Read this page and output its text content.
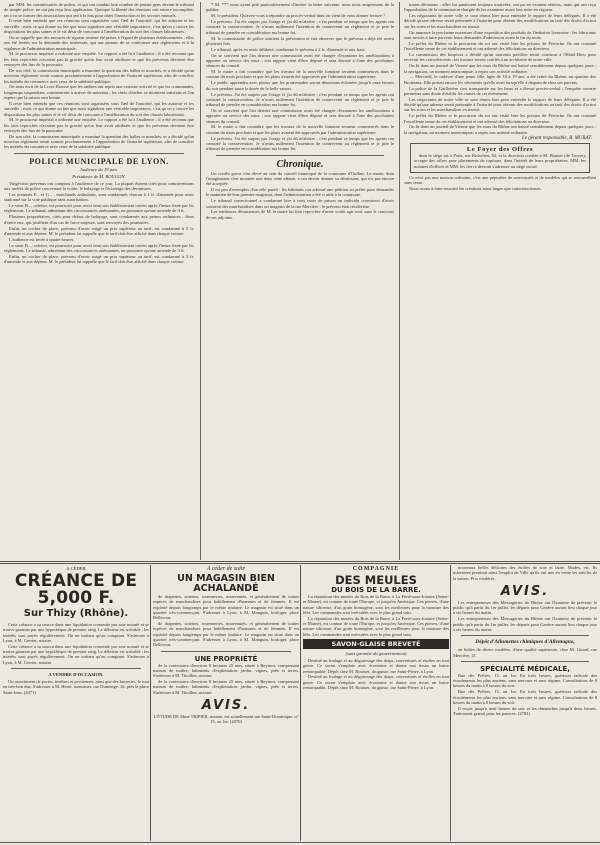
par MM. les commissaires de police, et qui ont conduit bon nombre de jeunes gens devant le tribunal de simple police, ne ont pas reçu leur application. Quoique la liberté des réunions soit encore incomplète, on a vu se former des associations qui ont à la fois pour objet l'instruction et les secours mutuels.

Il reste bien entendu que ces réunions sont organisées sous l'œil de l'autorité, qui les autorise et les surveille ; mais ce qui donne au fait que nous signalons une véritable importance, c'est qu'on y trouve les dispositions les plus saines et le vif désir de concourir à l'amélioration du sort des classes laborieuses.

On se rappelle que des mesures de rigueur avaient été prises à l'égard de plusieurs établissements ; elles ont été levées sur la demande des intéressés, qui ont promis de se conformer aux règlements et à la vigilance de l'administration municipale.

M. le procureur impérial a ordonné une enquête. Le rapport a été lu à l'audience ; il a été reconnu que les faits reprochés n'avaient pas la gravité qu'on leur avait attribuée et que les prévenus devaient être renvoyés des fins de la poursuite.

De son côté, la commission municipale a examiné la question des halles et marchés, et a décidé qu'un nouveau règlement serait soumis prochainement à l'approbation de l'autorité supérieure, afin de concilier les intérêts du commerce avec ceux de la salubrité publique.

On nous écrit de la Croix-Rousse que les ateliers ont repris une certaine activité et que les commandes, longtemps suspendues, commencent à arriver de nouveau ; les chefs d'atelier se montrent satisfaits et l'on espère que la saison sera bonne.

Il reste bien entendu que ces réunions sont organisées sous l'œil de l'autorité, qui les autorise et les surveille ; mais ce qui donne au fait que nous signalons une véritable importance, c'est qu'on y trouve les dispositions les plus saines et le vif désir de concourir à l'amélioration du sort des classes laborieuses.

M. le procureur impérial a ordonné une enquête. Le rapport a été lu à l'audience ; il a été reconnu que les faits reprochés n'avaient pas la gravité qu'on leur avait attribuée et que les prévenus devaient être renvoyés des fins de la poursuite.

De son côté, la commission municipale a examiné la question des halles et marchés, et a décidé qu'un nouveau règlement serait soumis prochainement à l'approbation de l'autorité supérieure, afin de concilier les intérêts du commerce avec ceux de la salubrité publique.

POLICE MUNICIPALE DE LYON.
Audience du 19 juin.
Présidence de M. ROUGON.

Vingt-trois prévenus ont comparu à l'audience de ce jour. La plupart étaient cités pour contraventions aux arrêtés de police concernant la voirie, le balayage et l'éclairage des devantures.

Les nommés P... et G... , marchands ambulants, sont condamnés chacun à 1 fr. d'amende pour avoir stationné sur la voie publique sans autorisation.

Le sieur B..., cafetier, est poursuivi pour avoir tenu son établissement ouvert après l'heure fixée par les règlements. Le tribunal, admettant des circonstances atténuantes, ne prononce qu'une amende de 3 fr.

Plusieurs propriétaires, cités pour défaut de balayage, sont condamnés aux peines ordinaires ; deux d'entre eux, qui justifient d'un cas de force majeure, sont renvoyés des poursuites.

Enfin, un cocher de place, prévenu d'avoir exigé un prix supérieur au tarif, est condamné à 5 fr. d'amende et aux dépens. M. le président lui rappelle que le tarif doit être affiché dans chaque voiture.

L'audience est levée à quatre heures.

Le sieur B..., cafetier, est poursuivi pour avoir tenu son établissement ouvert après l'heure fixée par les règlements. Le tribunal, admettant des circonstances atténuantes, ne prononce qu'une amende de 3 fr.

Enfin, un cocher de place, prévenu d'avoir exigé un prix supérieur au tarif, est condamné à 5 fr. d'amende et aux dépens. M. le président lui rappelle que le tarif doit être affiché dans chaque voiture.

* M. *** nous ayant prié particulièrement d'insérer la lettre suivante, nous nous empressons de la publier.

M. le président. Qu'avez-vous à répondre au procès-verbal dont on vient de vous donner lecture ?

Le prévenu. J'ai été surpris par l'orage et j'ai dû m'abriter ; c'est pendant ce temps que les agents ont constaté la contravention. Je n'avais nullement l'intention de contrevenir au règlement et je prie le tribunal de prendre en considération ma bonne foi.

M. le commissaire de police soutient la prévention et fait observer que le prévenu a déjà été averti plusieurs fois.

Le tribunal, après en avoir délibéré, condamne le prévenu à 2 fr. d'amende et aux frais.

On se souvient que l'an dernier une commission avait été chargée d'examiner les améliorations à apporter au service des eaux ; son rapport vient d'être déposé et sera discuté à l'une des prochaines séances du conseil.

M. le maire a fait connaître que les travaux de la nouvelle fontaine seraient commencés dans le courant du mois prochain et que les plans avaient été approuvés par l'administration supérieure.

Le public apprendra avec plaisir que les promenades seront désormais éclairées jusqu'à onze heures du soir pendant toute la durée de la belle saison.

Le prévenu. J'ai été surpris par l'orage et j'ai dû m'abriter ; c'est pendant ce temps que les agents ont constaté la contravention. Je n'avais nullement l'intention de contrevenir au règlement et je prie le tribunal de prendre en considération ma bonne foi.

On se souvient que l'an dernier une commission avait été chargée d'examiner les améliorations à apporter au service des eaux ; son rapport vient d'être déposé et sera discuté à l'une des prochaines séances du conseil.

M. le maire a fait connaître que les travaux de la nouvelle fontaine seraient commencés dans le courant du mois prochain et que les plans avaient été approuvés par l'administration supérieure.

Le prévenu. J'ai été surpris par l'orage et j'ai dû m'abriter ; c'est pendant ce temps que les agents ont constaté la contravention. Je n'avais nullement l'intention de contrevenir au règlement et je prie le tribunal de prendre en considération ma bonne foi.

Chronique.

Un conflit grave s'est élevé au sein du conseil municipal de la commune d'Oullins. Le maire, dont l'imagination s'est montrée une dans cette affaire, a cru devoir donner sa démission, qui n'a pas encore été acceptée.

Il est peu d'exemples d'un zèle pareil : les habitants ont adressé une pétition au préfet pour demander le maintien de leur premier magistrat, dont l'administration a été si utile à la commune.

Le tribunal correctionnel a condamné hier à trois mois de prison un individu convaincu d'avoir soustrait des marchandises dans un magasin de la rue Mercière ; le prévenu était récidiviste.

Les tendances désastreuses de M. le maire lui font reprocher d'avoir voulu agir seul, sans le concours de ses adjoints.

toutes décisions ; elles lui paraissent toujours motivées, ont pu en examen sérieux, mais qui ont reçu l'approbation de la commission chargée de les examiner avant leur mise en vigueur.

Les négociants de notre ville se sont réunis hier pour entendre le rapport de leurs délégués. Il a été décidé qu'une adresse serait présentée à l'autorité pour obtenir des modifications au tarif des droits d'octroi sur les soies et les marchandises en transit.

On annonce la prochaine ouverture d'une exposition des produits de l'industrie lyonnaise ; les fabricants sont invités à faire parvenir leurs demandes d'admission avant la fin du mois.

Le préfet du Rhône et le procureur du roi ont visité hier les prisons de Perrache. Ils ont constaté l'excellente tenue de cet établissement et ont adressé des félicitations au directeur.

La commission des hospices a décidé qu'un nouveau pavillon serait construit à l'Hôtel-Dieu pour recevoir les convalescents ; les travaux seront confiés à un architecte de notre ville.

On lit dans un journal de Vienne que les eaux du Rhône ont baissé sensiblement depuis quelques jours ; la navigation, un moment interrompue, a repris son activité ordinaire.

— Mercredi, le cadavre d'une jeune fille, âgée de 18 à 19 ans, a été retiré du Rhône, au quartier des Brotteaux. Elle portait encore les vêtements qu'elle avait lorsqu'elle a disparu de chez ses parents.

La police de la Guillotière s'est transportée sur les lieux et a dressé procès-verbal ; l'enquête ouverte permettra sans doute d'établir les causes de cet événement.

Les négociants de notre ville se sont réunis hier pour entendre le rapport de leurs délégués. Il a été décidé qu'une adresse serait présentée à l'autorité pour obtenir des modifications au tarif des droits d'octroi sur les soies et les marchandises en transit.

Le préfet du Rhône et le procureur du roi ont visité hier les prisons de Perrache. Ils ont constaté l'excellente tenue de cet établissement et ont adressé des félicitations au directeur.

On lit dans un journal de Vienne que les eaux du Rhône ont baissé sensiblement depuis quelques jours ; la navigation, un moment interrompue, a repris son activité ordinaire.

Le gérant responsable, B. MURAT.
Le Foyer des Offres

dont le siège est à Paris, rue Richelieu, 92, et la direction confiée à M. Bonnet (de Troyes), accepte des offres pour placements de capitaux, dans l'intérêt de leurs propriétaires. MM. les notaires d'offices et MM. les clercs devront s'adresser au siège social.

Ce n'est pas une maison ordinaire, c'est une pépinière de nouveautés et de modèles qui se renouvellent sans cesse.

Nous avons à faire ressortir les créations aussi larges que consciencieuses.

A CÉDER
CRÉANCE DE 5,000 F.
Sur Thizy (Rhône).

Cette créance a sa source dans une liquidation consentie par acte notarié et se trouve garantie par une hypothèque de premier rang. Le débiteur est solvable ; les intérêts sont payés régulièrement. On ne traitera qu'au comptant. S'adresser à Lyon, à M. Gerrier, notaire.

Cette créance a sa source dans une liquidation consentie par acte notarié et se trouve garantie par une hypothèque de premier rang. Le débiteur est solvable ; les intérêts sont payés régulièrement. On ne traitera qu'au comptant. S'adresser à Lyon, à M. Gerrier, notaire.

A VENDRE D'OCCASION.

Un assortiment de portes, fenêtres et persiennes, ainsi que des boiseries, le tout en très-bon état. S'adresser à M. Henri, menuisier, rue Dumenge, 16, près la place Saint-Jean. (2071)

A céder de suite
UN MAGASIN BIEN ACHALANDÉ

de draperies, soieries, rouenneries, nouveautés, et généralement de toutes espèces de marchandises pour habillement d'hommes et de femmes. Il est exploité depuis longtemps par le même titulaire. Le magasin est situé dans un quartier très-commerçant. S'adresser à Lyon, à M. Manguin, horloger, place Bellecour.

de draperies, soieries, rouenneries, nouveautés, et généralement de toutes espèces de marchandises pour habillement d'hommes et de femmes. Il est exploité depuis longtemps par le même titulaire. Le magasin est situé dans un quartier très-commerçant. S'adresser à Lyon, à M. Manguin, horloger, place Bellecour.

UNE PROPRIÉTÉ

de la contenance d'environ 8 hectares 25 ares, située à Beynost, comprenant maison de maître, bâtiments d'exploitation, jardin, vignes, prés et terres. S'adresser à M. Thiollier, notaire.

de la contenance d'environ 8 hectares 25 ares, située à Beynost, comprenant maison de maître, bâtiments d'exploitation, jardin, vignes, prés et terres. S'adresser à M. Thiollier, notaire.

AVIS.

L'ÉTUDE DE Mme TRIPIER, notaire, est actuellement rue Saint-Dominique, n° 15, au 1er. (2070)

COMPAGNIE
DES MEULES
DU BOIS DE LA BARRE.

La réputation des meules du Bois de la Barre, à La Ferté-sous-Jouarre (Seine-et-Marne), est connue de toute l'Europe, et jusqu'en Amérique. Ces pierres, d'une nature siliceuse, d'un grain homogène, sont les meilleures pour la mouture des blés. Les commandes sont exécutées avec le plus grand soin.

La réputation des meules du Bois de la Barre, à La Ferté-sous-Jouarre (Seine-et-Marne), est connue de toute l'Europe, et jusqu'en Amérique. Ces pierres, d'une nature siliceuse, d'un grain homogène, sont les meilleures pour la mouture des blés. Les commandes sont exécutées avec le plus grand soin.

SAVON-GLAISE BREVETÉ
(sans garantie du gouvernement)

Destiné au foulage et au dégraissage des draps, couvertures et étoffes en tout genre. Ce savon s'emploie avec économie et donne aux tissus un lustre remarquable. Dépôt chez M. Rousset, droguiste, rue Saint-Pierre, à Lyon.

Destiné au foulage et au dégraissage des draps, couvertures et étoffes en tout genre. Ce savon s'emploie avec économie et donne aux tissus un lustre remarquable. Dépôt chez M. Rousset, droguiste, rue Saint-Pierre, à Lyon.

nouveaux belles délicates des étoffes de soie et laine. Modes, etc. Ils informent pourtout ainsi l'emploi de Ville qu'ils ont mis en vente les articles de la saison. Prix modérés.

AVIS.

Les entrepreneurs des Messageries du Rhône ont l'honneur de prévenir le public qu'à partir du 1er juillet, les départs pour Genève auront lieu chaque jour à six heures du matin.

Les entrepreneurs des Messageries du Rhône ont l'honneur de prévenir le public qu'à partir du 1er juillet, les départs pour Genève auront lieu chaque jour à six heures du matin.

Dépôt d'Allumettes chimiques d'Allemagne,

en boîtes de divers modèles, d'une qualité supérieure, chez M. Girard, rue Mercière, 21.

SPÉCIALITÉ MÉDICALE,

Rue des Prêtres, 13, au 1er. En trois heures, guérison radicale des écoulements les plus anciens, sans mercure et sans régime. Consultations de 8 heures du matin à 8 heures du soir.

Rue des Prêtres, 13, au 1er. En trois heures, guérison radicale des écoulements les plus anciens, sans mercure et sans régime. Consultations de 8 heures du matin à 8 heures du soir.

Il reçoit jusqu'à neuf heures du soir et les dimanches jusqu'à deux heures. Traitement gratuit pour les pauvres. (2783)
